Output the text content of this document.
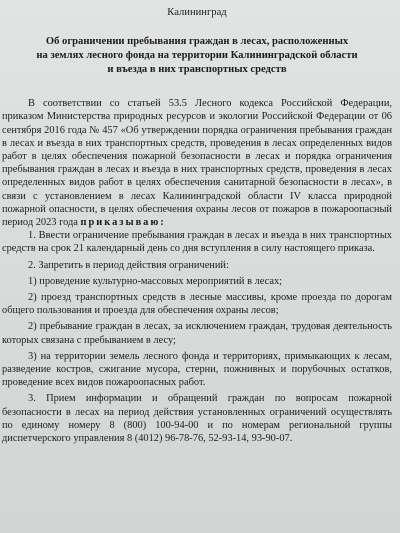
Калининград
Об ограничении пребывания граждан в лесах, расположенных
на землях лесного фонда на территории Калининградской области
и въезда в них транспортных средств

В соответствии со статьей 53.5 Лесного кодекса Российской Федерации, приказом Министерства природных ресурсов и экологии Российской Федерации от 06 сентября 2016 года № 457 «Об утверждении порядка ограничения пребывания граждан в лесах и въезда в них транспортных средств, проведения в лесах определенных видов работ в целях обеспечения пожарной безопасности в лесах и порядка ограничения пребывания граждан в лесах и въезда в них транспортных средств, проведения в лесах определенных видов работ в целях обеспечения санитарной безопасности в лесах», в связи с установлением в лесах Калининградской области IV класса природной пожарной опасности, в целях обеспечения охраны лесов от пожаров в пожароопасный период 2023 года приказываю:

1. Ввести ограничение пребывания граждан в лесах и въезда в них транспортных средств на срок 21 календарный день со дня вступления в силу настоящего приказа.

2. Запретить в период действия ограничений:

1) проведение культурно-массовых мероприятий в лесах;

2) проезд транспортных средств в лесные массивы, кроме проезда по дорогам общего пользования и проезда для обеспечения охраны лесов;

2) пребывание граждан в лесах, за исключением граждан, трудовая деятельность которых связана с пребыванием в лесу;

3) на территории земель лесного фонда и территориях, примыкающих к лесам, разведение костров, сжигание мусора, стерни, пожнивных и порубочных остатков, проведение всех видов пожароопасных работ.

3. Прием информации и обращений граждан по вопросам пожарной безопасности в лесах на период действия установленных ограничений осуществлять по единому номеру 8 (800) 100-94-00 и по номерам региональной группы диспетчерского управления 8 (4012) 96-78-76, 52-93-14, 93-90-07.
